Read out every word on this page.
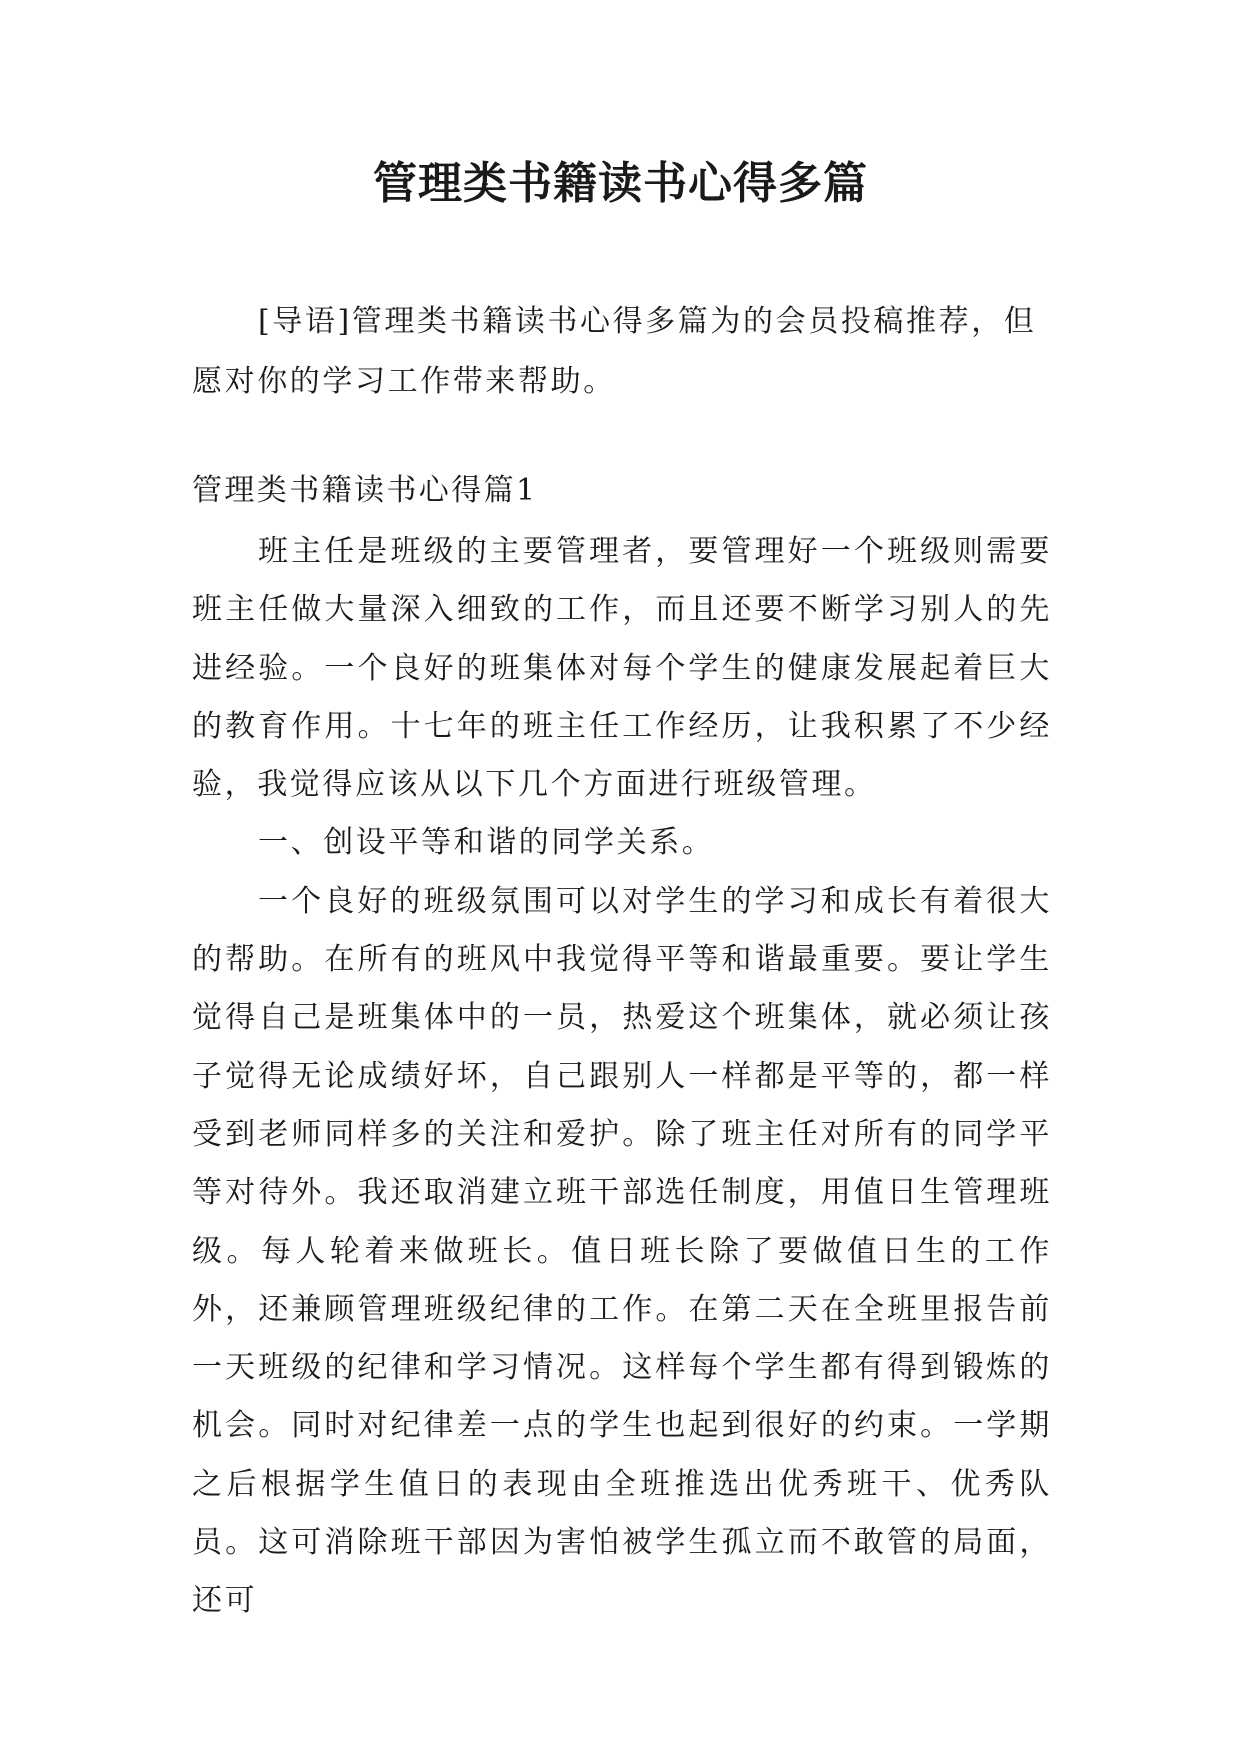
管理类书籍读书心得多篇

[导语]管理类书籍读书心得多篇为的会员投稿推荐，但愿对你的学习工作带来帮助。

管理类书籍读书心得篇1

班主任是班级的主要管理者，要管理好一个班级则需要班主任做大量深入细致的工作，而且还要不断学习别人的先进经验。一个良好的班集体对每个学生的健康发展起着巨大的教育作用。十七年的班主任工作经历，让我积累了不少经验，我觉得应该从以下几个方面进行班级管理。

一、创设平等和谐的同学关系。

一个良好的班级氛围可以对学生的学习和成长有着很大的帮助。在所有的班风中我觉得平等和谐最重要。要让学生觉得自己是班集体中的一员，热爱这个班集体，就必须让孩子觉得无论成绩好坏，自己跟别人一样都是平等的，都一样受到老师同样多的关注和爱护。除了班主任对所有的同学平等对待外。我还取消建立班干部选任制度，用值日生管理班级。每人轮着来做班长。值日班长除了要做值日生的工作外，还兼顾管理班级纪律的工作。在第二天在全班里报告前一天班级的纪律和学习情况。这样每个学生都有得到锻炼的机会。同时对纪律差一点的学生也起到很好的约束。一学期之后根据学生值日的表现由全班推选出优秀班干、优秀队员。这可消除班干部因为害怕被学生孤立而不敢管的局面，还可
